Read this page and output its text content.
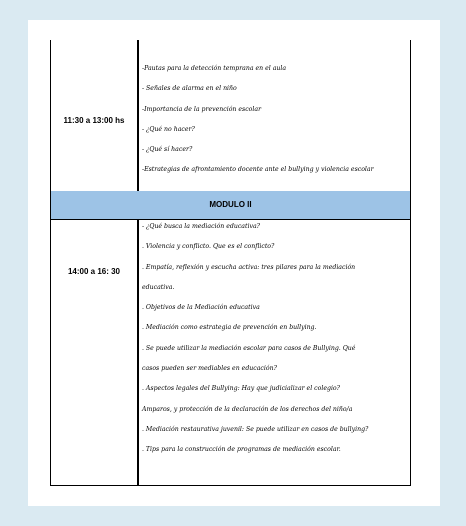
11:30 a 13:00 hs
-Pautas para la detección temprana en el aula
- Señales de alarma en el niño
-Importancia de la prevención escolar
- ¿Qué no hacer?
- ¿Qué sí hacer?
-Estrategias de afrontamiento docente ante el bullying y violencia escolar
MODULO II
14:00 a 16: 30
- ¿Qué busca la mediación educativa?
. Violencia y conflicto. Que es el conflicto?
. Empatía, reflexión y escucha activa: tres pilares para la mediación
educativa.
. Objetivos de la Mediación educativa
. Mediación como estrategia de prevención en bullying.
. Se puede utilizar la mediación escolar para casos de Bullying. Qué
casos pueden ser mediables en educación?
. Aspectos legales del Bullying: Hay que judicializar el colegio?
Amparos, y protección de la declaración de los derechos del niño/a
. Mediación restaurativa juvenil: Se puede utilizar en casos de bullying?
. Tips para la construcción de programas de mediación escolar.
